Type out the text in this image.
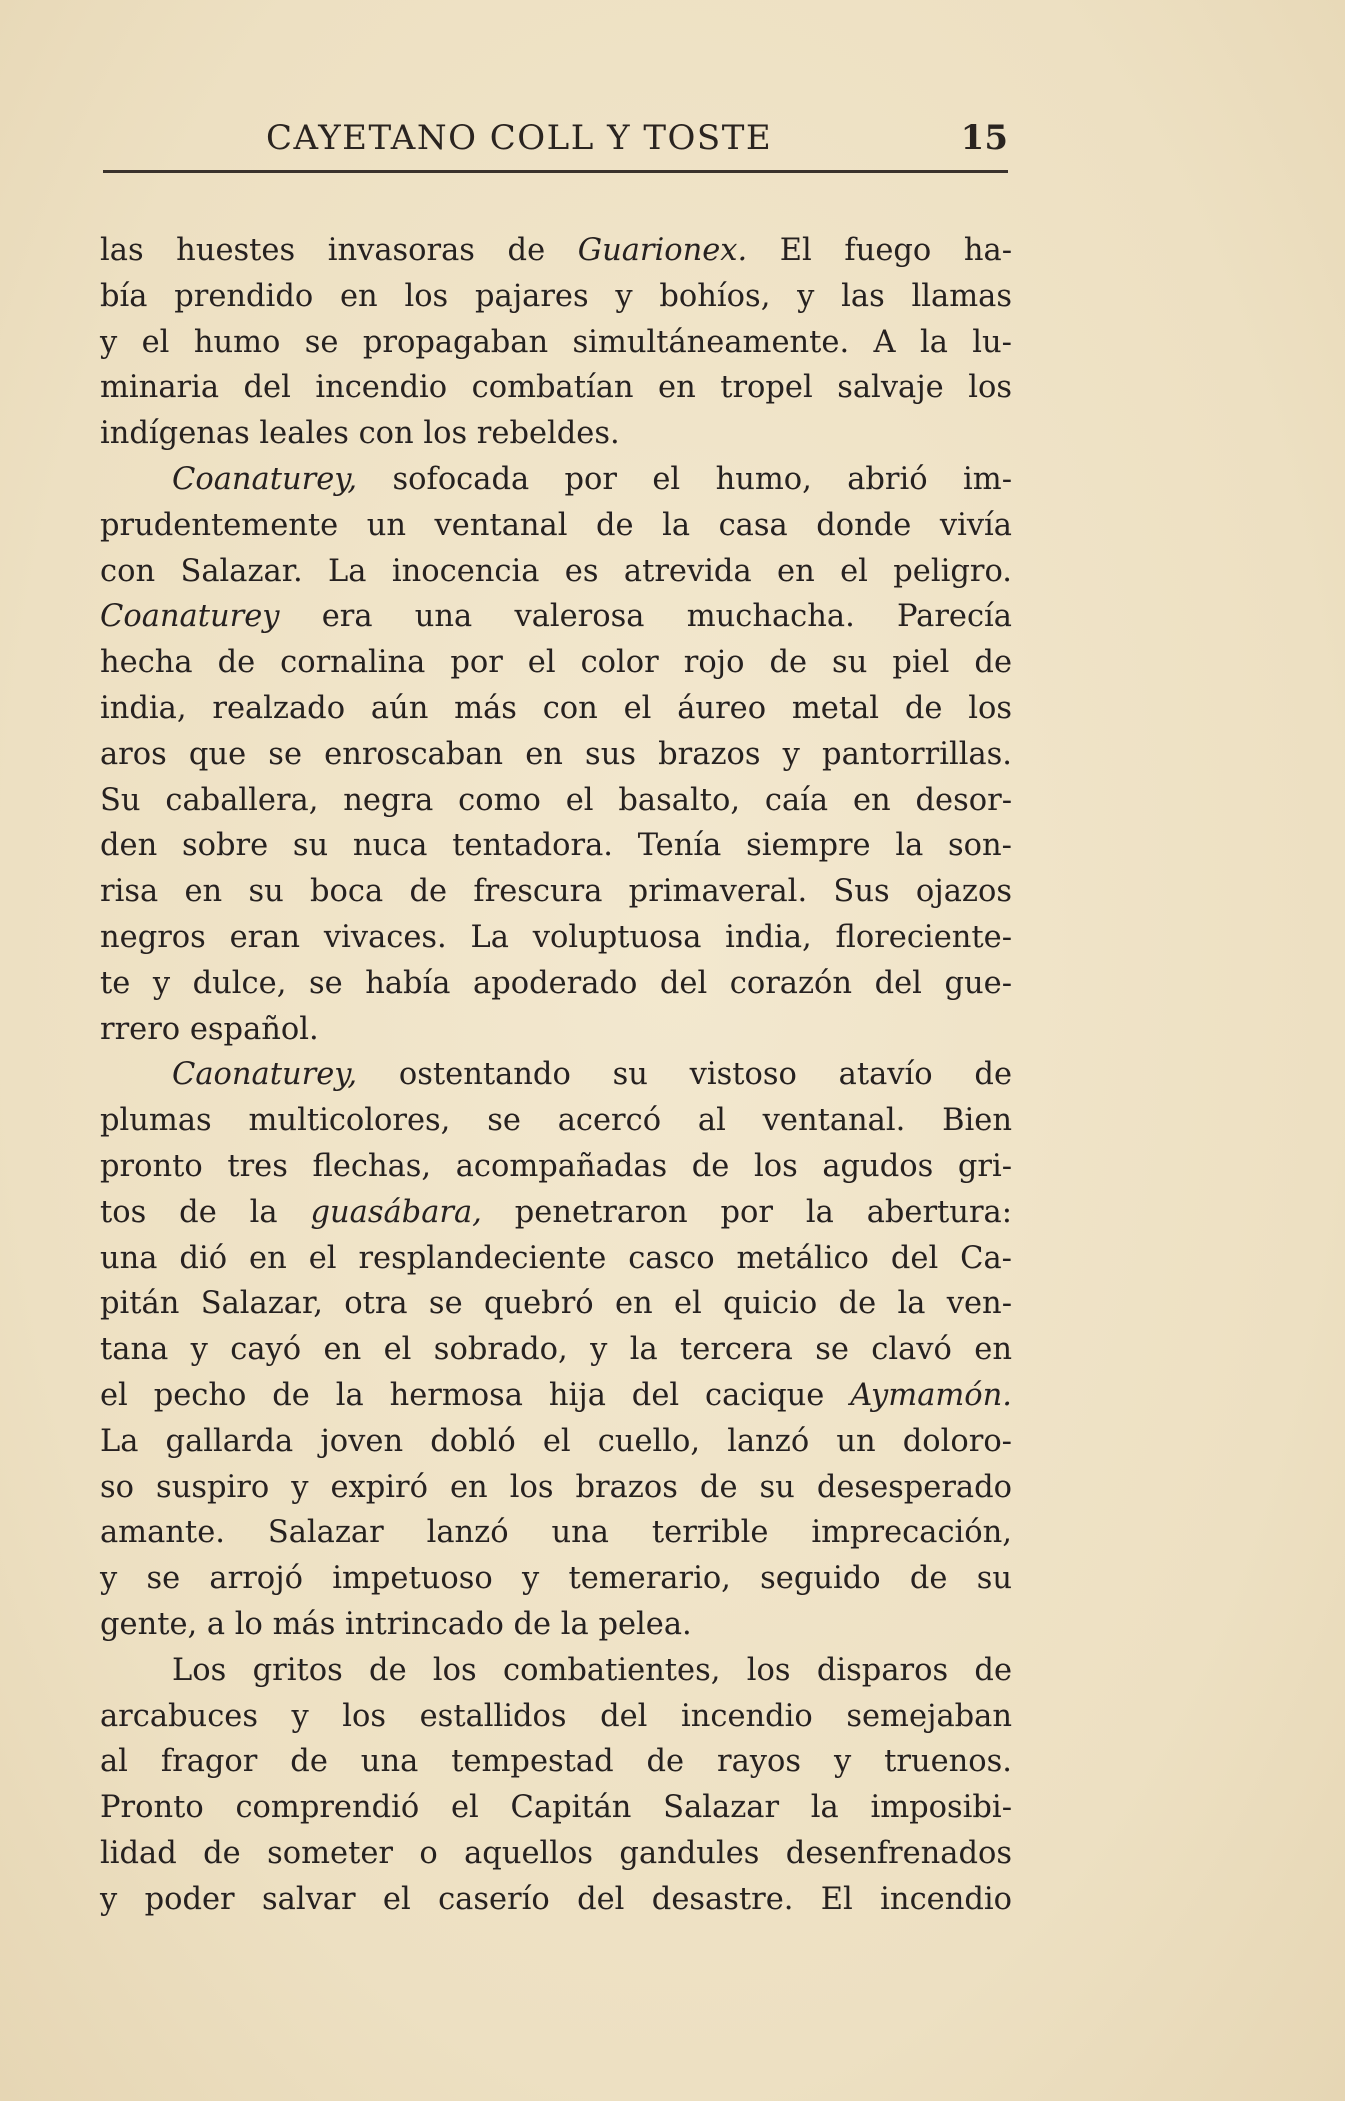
CAYETANO COLL Y TOSTE	15
las huestes invasoras de Guarionex. El fuego ha-
bía prendido en los pajares y bohíos, y las llamas
y el humo se propagaban simultáneamente. A la lu-
minaria del incendio combatían en tropel salvaje los
indígenas leales con los rebeldes.
Coanaturey, sofocada por el humo, abrió im-
prudentemente un ventanal de la casa donde vivía
con Salazar. La inocencia es atrevida en el peligro.
Coanaturey era una valerosa muchacha. Parecía
hecha de cornalina por el color rojo de su piel de
india, realzado aún más con el áureo metal de los
aros que se enroscaban en sus brazos y pantorrillas.
Su caballera, negra como el basalto, caía en desor-
den sobre su nuca tentadora. Tenía siempre la son-
risa en su boca de frescura primaveral. Sus ojazos
negros eran vivaces. La voluptuosa india, floreciente-
te y dulce, se había apoderado del corazón del gue-
rrero español.
Caonaturey, ostentando su vistoso atavío de
plumas multicolores, se acercó al ventanal. Bien
pronto tres flechas, acompañadas de los agudos gri-
tos de la guasábara, penetraron por la abertura:
una dió en el resplandeciente casco metálico del Ca-
pitán Salazar, otra se quebró en el quicio de la ven-
tana y cayó en el sobrado, y la tercera se clavó en
el pecho de la hermosa hija del cacique Aymamón.
La gallarda joven dobló el cuello, lanzó un doloro-
so suspiro y expiró en los brazos de su desesperado
amante. Salazar lanzó una terrible imprecación,
y se arrojó impetuoso y temerario, seguido de su
gente, a lo más intrincado de la pelea.
Los gritos de los combatientes, los disparos de
arcabuces y los estallidos del incendio semejaban
al fragor de una tempestad de rayos y truenos.
Pronto comprendió el Capitán Salazar la imposibi-
lidad de someter o aquellos gandules desenfrenados
y poder salvar el caserío del desastre. El incendio
